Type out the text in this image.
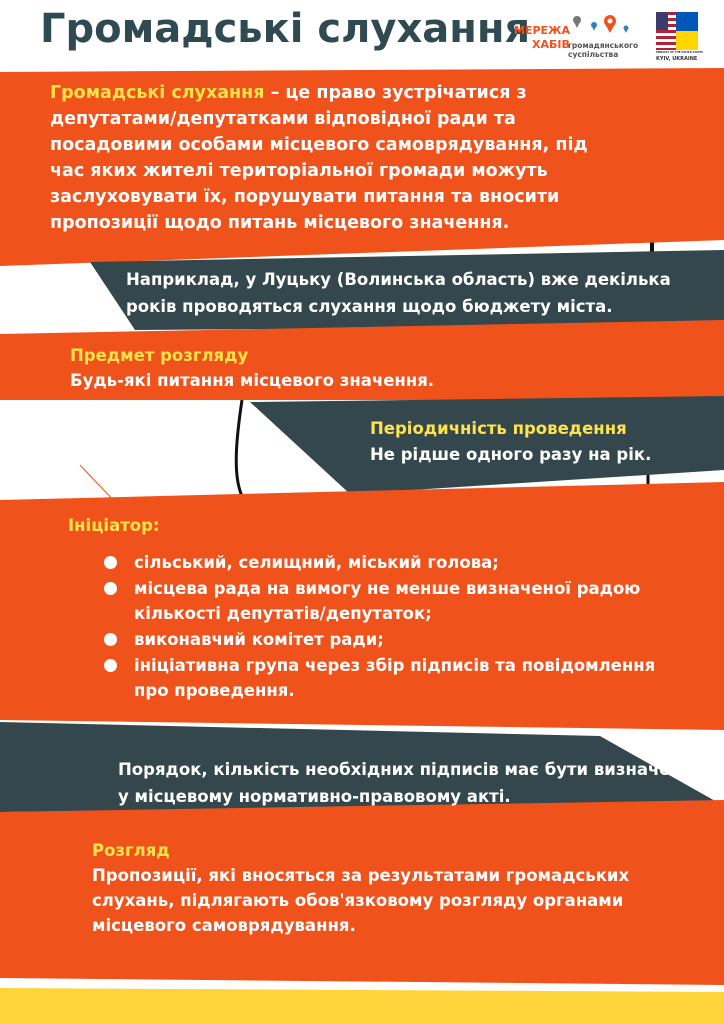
Громадські слухання
МЕРЕЖА
ХАБІВ
громадянського
суспільства	EMBASSY OF THE UNITED STATES
KYIV, UKRAINE

Громадські слухання – це право зустрічатися з депутатами/депутатками відповідної ради та посадовими особами місцевого самоврядування, під час яких жителі територіальної громади можуть заслуховувати їх, порушувати питання та вносити пропозиції щодо питань місцевого значення.

Наприклад, у Луцьку (Волинська область) вже декілька років проводяться слухання щодо бюджету міста.

Предмет розгляду
Будь-які питання місцевого значення.
Періодичність проведення
Не рідше одного разу на рік.
Ініціатор:
сільський, селищний, міський голова;
місцева рада на вимогу не менше визначеної радою кількості депутатів/депутаток;
виконавчий комітет ради;
ініціативна група через збір підписів та повідомлення про проведення.

Порядок, кількість необхідних підписів має бути визначено у місцевому нормативно-правовому акті.

Розгляд
Пропозиції, які вносяться за результатами громадських слухань, підлягають обов'язковому розгляду органами місцевого самоврядування.
